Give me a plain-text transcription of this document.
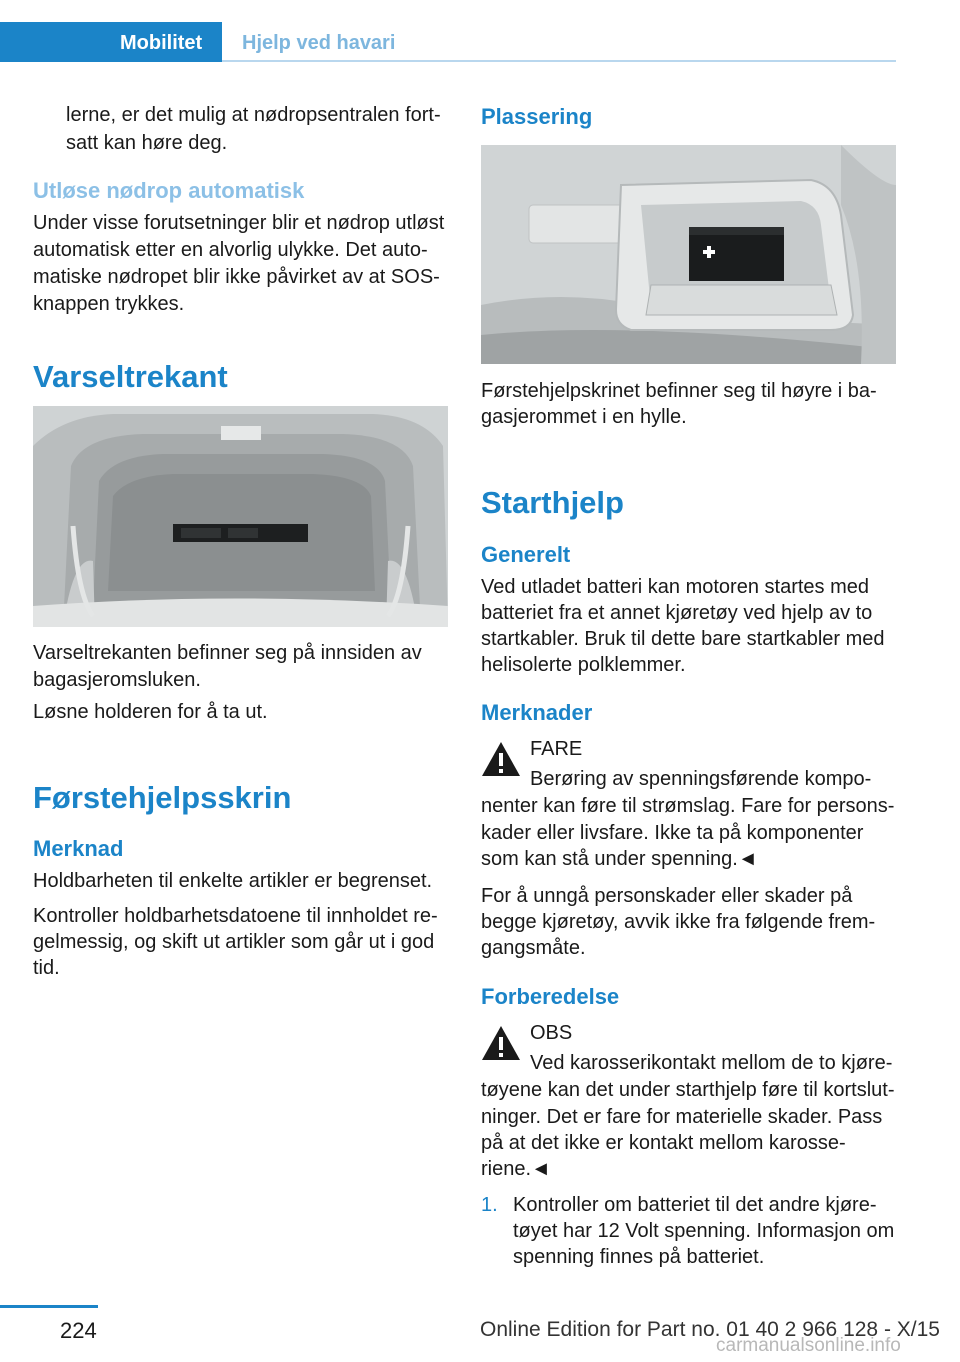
Mobilitet Hjelp ved havari
lerne, er det mulig at nødropsentralen fort-
satt kan høre deg.
Utløse nødrop automatisk
Under visse forutsetninger blir et nødrop utløst
automatisk etter en alvorlig ulykke. Det auto-
matiske nødropet blir ikke påvirket av at SOS-
knappen trykkes.
Varseltrekant
Varseltrekanten befinner seg på innsiden av
bagasjeromsluken.
Løsne holderen for å ta ut.
Førstehjelpsskrin
Merknad
Holdbarheten til enkelte artikler er begrenset.
Kontroller holdbarhetsdatoene til innholdet re-
gelmessig, og skift ut artikler som går ut i god
tid.
Plassering
Førstehjelpskrinet befinner seg til høyre i ba-
gasjerommet i en hylle.
Starthjelp
Generelt
Ved utladet batteri kan motoren startes med
batteriet fra et annet kjøretøy ved hjelp av to
startkabler. Bruk til dette bare startkabler med
helisolerte polklemmer.
Merknader
FARE
Berøring av spenningsførende kompo-
nenter kan føre til strømslag. Fare for persons-
kader eller livsfare. Ikke ta på komponenter
som kan stå under spenning.◄
For å unngå personskader eller skader på
begge kjøretøy, avvik ikke fra følgende frem-
gangsmåte.
Forberedelse
OBS
Ved karosserikontakt mellom de to kjøre-
tøyene kan det under starthjelp føre til kortslut-
ninger. Det er fare for materielle skader. Pass
på at det ikke er kontakt mellom karosse-
riene.◄
1. Kontroller om batteriet til det andre kjøre-
tøyet har 12 Volt spenning. Informasjon om
spenning finnes på batteriet.
224	Online Edition for Part no. 01 40 2 966 128 - X/15
carmanualsonline.info
